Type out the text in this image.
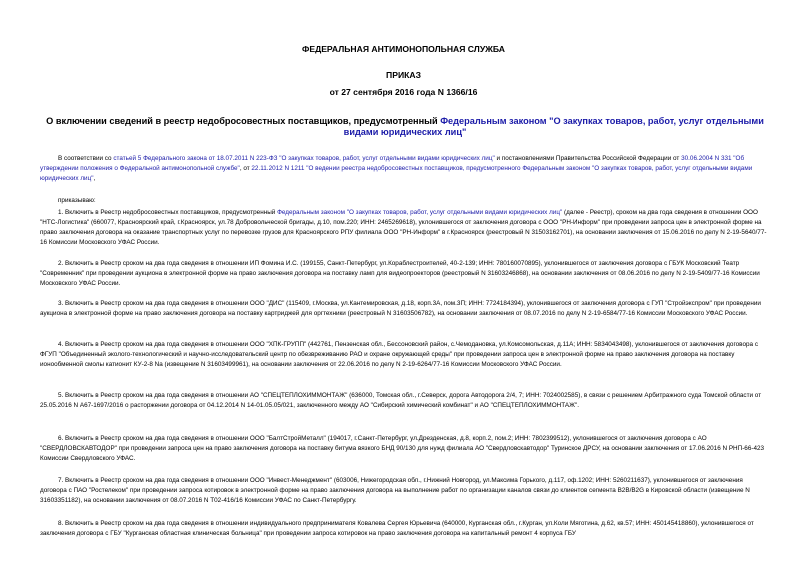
ФЕДЕРАЛЬНАЯ АНТИМОНОПОЛЬНАЯ СЛУЖБА
ПРИКАЗ
от 27 сентября 2016 года N 1366/16
О включении сведений в реестр недобросовестных поставщиков, предусмотренный Федеральным законом "О закупках товаров, работ, услуг отдельными видами юридических лиц"
В соответствии со статьей 5 Федерального закона от 18.07.2011 N 223-ФЗ "О закупках товаров, работ, услуг отдельными видами юридических лиц" и постановлениями Правительства Российской Федерации от 30.06.2004 N 331 "Об утверждении положения о Федеральной антимонопольной службе", от 22.11.2012 N 1211 "О ведении реестра недобросовестных поставщиков, предусмотренного Федеральным законом "О закупках товаров, работ, услуг отдельными видами юридических лиц",
приказываю:
1. Включить в Реестр недобросовестных поставщиков, предусмотренный Федеральным законом "О закупках товаров, работ, услуг отдельными видами юридических лиц" (далее - Реестр), сроком на два года сведения в отношении ООО "НТС-Логистика" (660077, Красноярский край, г.Красноярск, ул.78 Добровольческой бригады, д.10, пом.220; ИНН: 2465269618), уклонившегося от заключения договора с ООО "РН-Информ" при проведении запроса цен в электронной форме на право заключения договора на оказание транспортных услуг по перевозке грузов для Красноярского РПУ филиала ООО "РН-Информ" в г.Красноярск (реестровый N 31503162701), на основании заключения от 15.06.2016 по делу N 2-19-5640/77-16 Комиссии Московского УФАС России.
2. Включить в Реестр сроком на два года сведения в отношении ИП Фомина И.С. (199155, Санкт-Петербург, ул.Кораблестроителей, 40-2-139; ИНН: 780160070895), уклонившегося от заключения договора с ГБУК Московский Театр "Современник" при проведении аукциона в электронной форме на право заключения договора на поставку ламп для видеопроекторов (реестровый N 31603246868), на основании заключения от 08.06.2016 по делу N 2-19-5409/77-16 Комиссии Московского УФАС России.
3. Включить в Реестр сроком на два года сведения в отношении ООО "ДИС" (115409, г.Москва, ул.Кантемировская, д.18, корп.3А, пом.3П; ИНН: 7724184394), уклонившегося от заключения договора с ГУП "Стройэкспром" при проведении аукциона в электронной форме на право заключения договора на поставку картриджей для оргтехники (реестровый N 31603506782), на основании заключения от 08.07.2016 по делу N 2-19-6584/77-16 Комиссии Московского УФАС России.
4. Включить в Реестр сроком на два года сведения в отношении ООО "ХПК-ГРУПП" (442761, Пензенская обл., Бессоновский район, с.Чемодановка, ул.Комсомольская, д.11А; ИНН: 5834043498), уклонившегося от заключения договора с ФГУП "Объединенный эколого-технологический и научно-исследовательский центр по обезвреживанию РАО и охране окружающей среды" при проведении запроса цен в электронной форме на право заключения договора на поставку ионообменной смолы катионит КУ-2-8 Na (извещение N 31603499961), на основании заключения от 22.06.2016 по делу N 2-19-6264/77-16 Комиссии Московского УФАС России.
5. Включить в Реестр сроком на два года сведения в отношении АО "СПЕЦТЕПЛОХИММОНТАЖ" (636000, Томская обл., г.Северск, дорога Автодорога 2/4, 7; ИНН: 7024002585), в связи с решением Арбитражного суда Томской области от 25.05.2016 N А67-1697/2016 о расторжении договора от 04.12.2014 N 14-01.05.05/021, заключенного между АО "Сибирский химический комбинат" и АО "СПЕЦТЕПЛОХИММОНТАЖ".
6. Включить в Реестр сроком на два года сведения в отношении ООО "БалтСтройМеталл" (194017, г.Санкт-Петербург, ул.Дрезденская, д.8, корп.2, пом.2; ИНН: 7802399512), уклонившегося от заключения договора с АО "СВЕРДЛОВСКАВТОДОР" при проведении запроса цен на право заключения договора на поставку битума вязкого БНД 90/130 для нужд филиала АО "Свердловскавтодор" Туринское ДРСУ, на основании заключения от 17.06.2016 N РНП-66-423 Комиссии Свердловского УФАС.
7. Включить в Реестр сроком на два года сведения в отношении ООО "Инвест-Менеджмент" (603006, Нижегородская обл., г.Нижний Новгород, ул.Максима Горького, д.117, оф.1202; ИНН: 5260211637), уклонившегося от заключения договора с ПАО "Ростелеком" при проведении запроса котировок в электронной форме на право заключения договора на выполнение работ по организации каналов связи до клиентов сегмента B2B/B2G в Кировской области (извещение N 31603351182), на основании заключения от 08.07.2016 N Т02-416/16 Комиссии УФАС по Санкт-Петербургу.
8. Включить в Реестр сроком на два года сведения в отношении индивидуального предпринимателя Ковалева Сергея Юрьевича (640000, Курганская обл., г.Курган, ул.Коли Мяготина, д.62, кв.57; ИНН: 450145418860), уклонившегося от заключения договора с ГБУ "Курганская областная клиническая больница" при проведении запроса котировок на право заключения договора на капитальный ремонт 4 корпуса ГБУ
